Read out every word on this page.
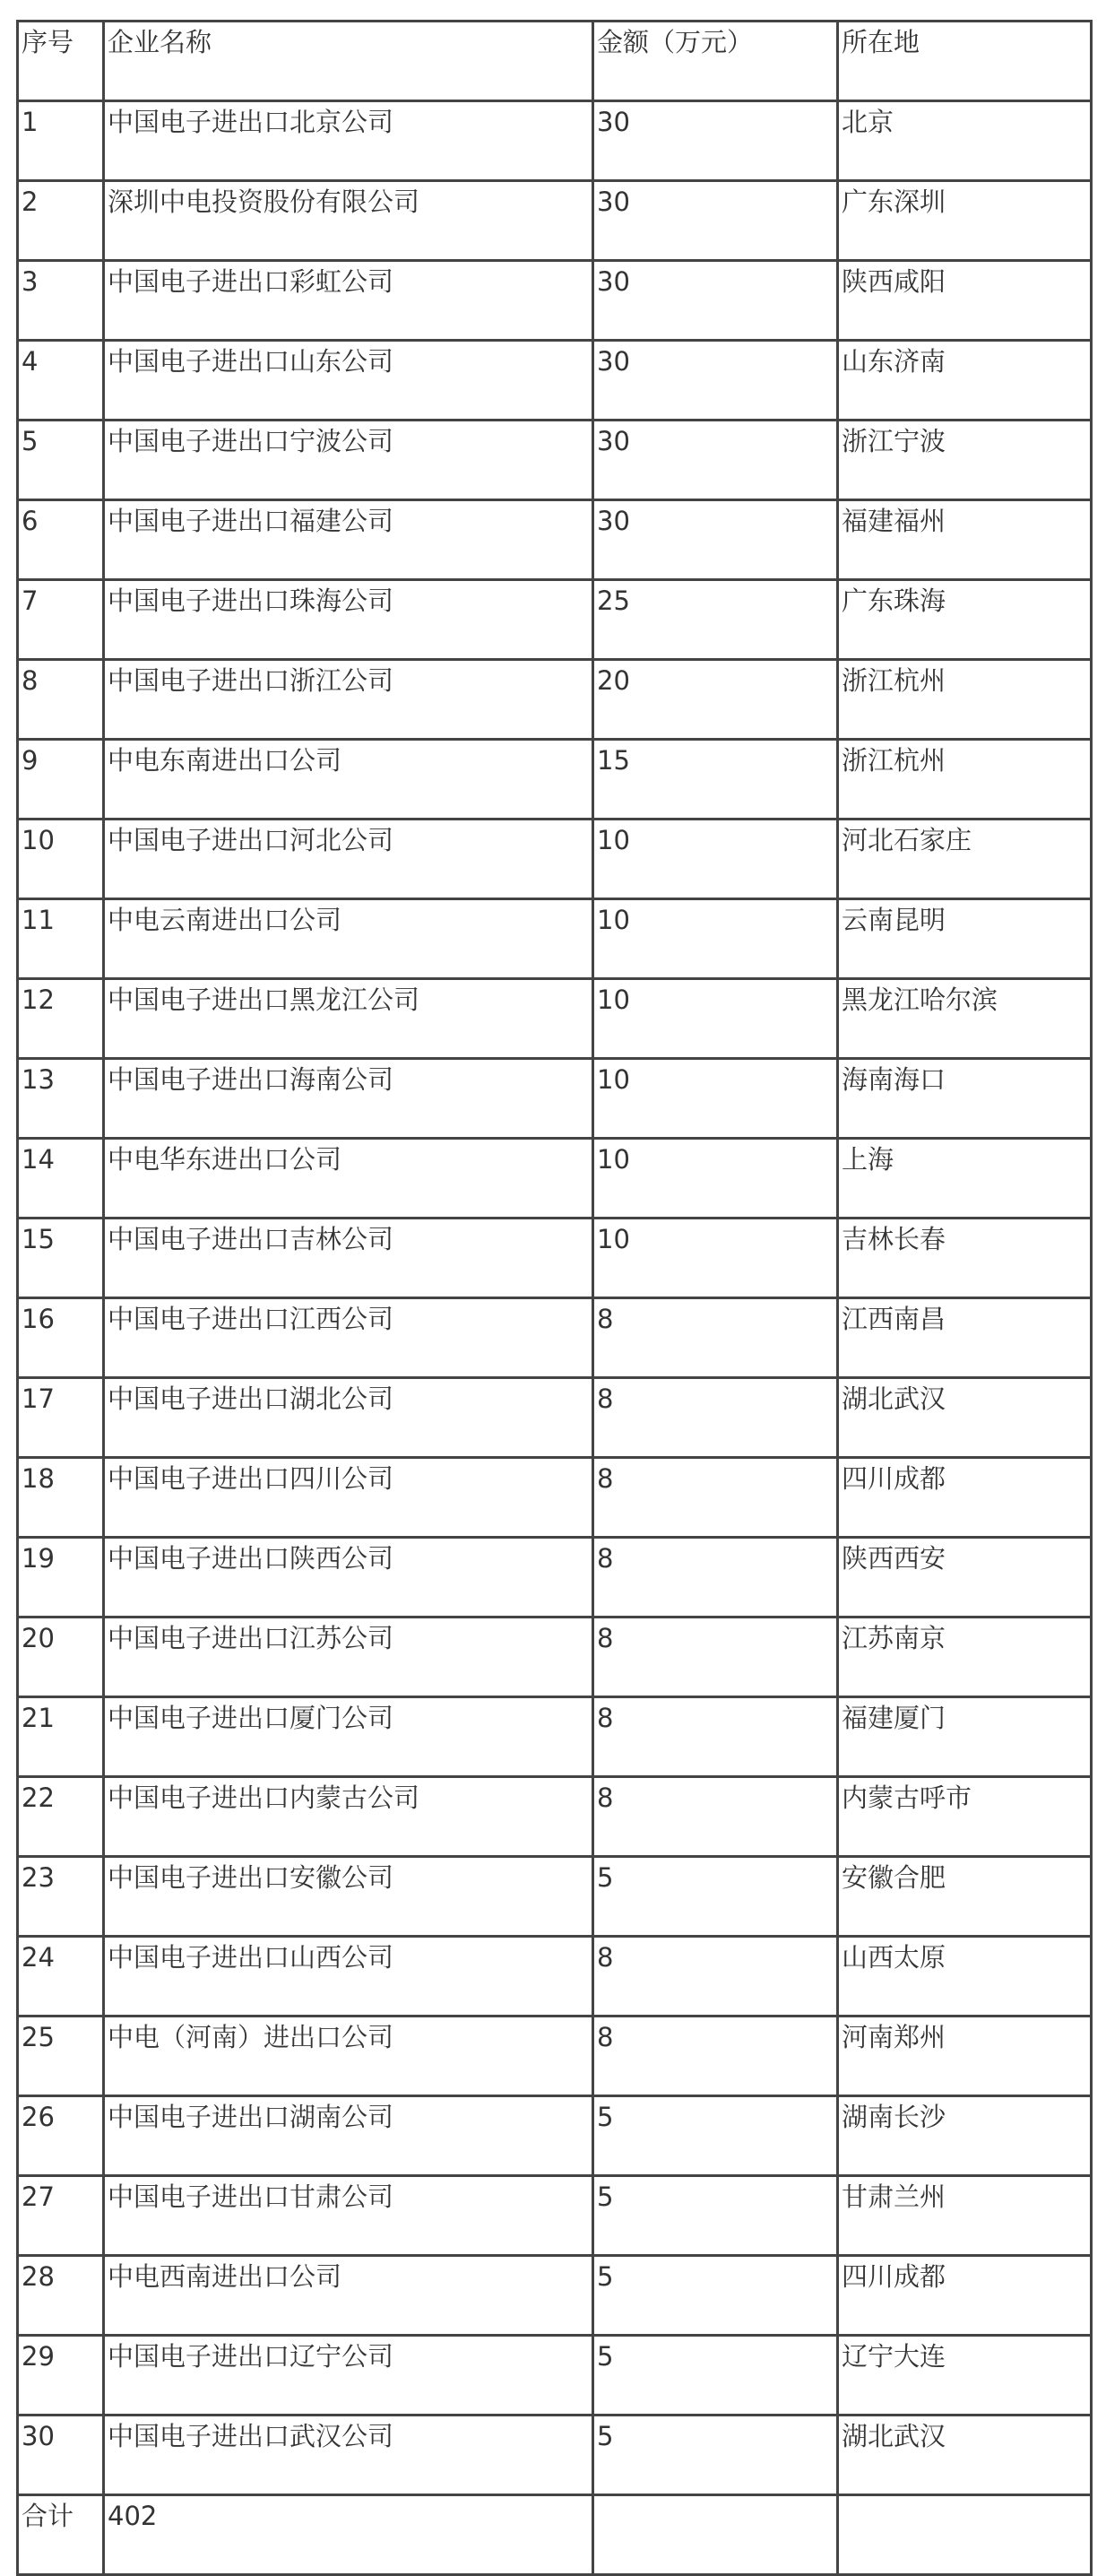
序号	企业名称	金额（万元）	所在地
1	中国电子进出口北京公司	30	北京
2	深圳中电投资股份有限公司	30	广东深圳
3	中国电子进出口彩虹公司	30	陕西咸阳
4	中国电子进出口山东公司	30	山东济南
5	中国电子进出口宁波公司	30	浙江宁波
6	中国电子进出口福建公司	30	福建福州
7	中国电子进出口珠海公司	25	广东珠海
8	中国电子进出口浙江公司	20	浙江杭州
9	中电东南进出口公司	15	浙江杭州
10	中国电子进出口河北公司	10	河北石家庄
11	中电云南进出口公司	10	云南昆明
12	中国电子进出口黑龙江公司	10	黑龙江哈尔滨
13	中国电子进出口海南公司	10	海南海口
14	中电华东进出口公司	10	上海
15	中国电子进出口吉林公司	10	吉林长春
16	中国电子进出口江西公司	8	江西南昌
17	中国电子进出口湖北公司	8	湖北武汉
18	中国电子进出口四川公司	8	四川成都
19	中国电子进出口陕西公司	8	陕西西安
20	中国电子进出口江苏公司	8	江苏南京
21	中国电子进出口厦门公司	8	福建厦门
22	中国电子进出口内蒙古公司	8	内蒙古呼市
23	中国电子进出口安徽公司	5	安徽合肥
24	中国电子进出口山西公司	8	山西太原
25	中电（河南）进出口公司	8	河南郑州
26	中国电子进出口湖南公司	5	湖南长沙
27	中国电子进出口甘肃公司	5	甘肃兰州
28	中电西南进出口公司	5	四川成都
29	中国电子进出口辽宁公司	5	辽宁大连
30	中国电子进出口武汉公司	5	湖北武汉
合计	402		
